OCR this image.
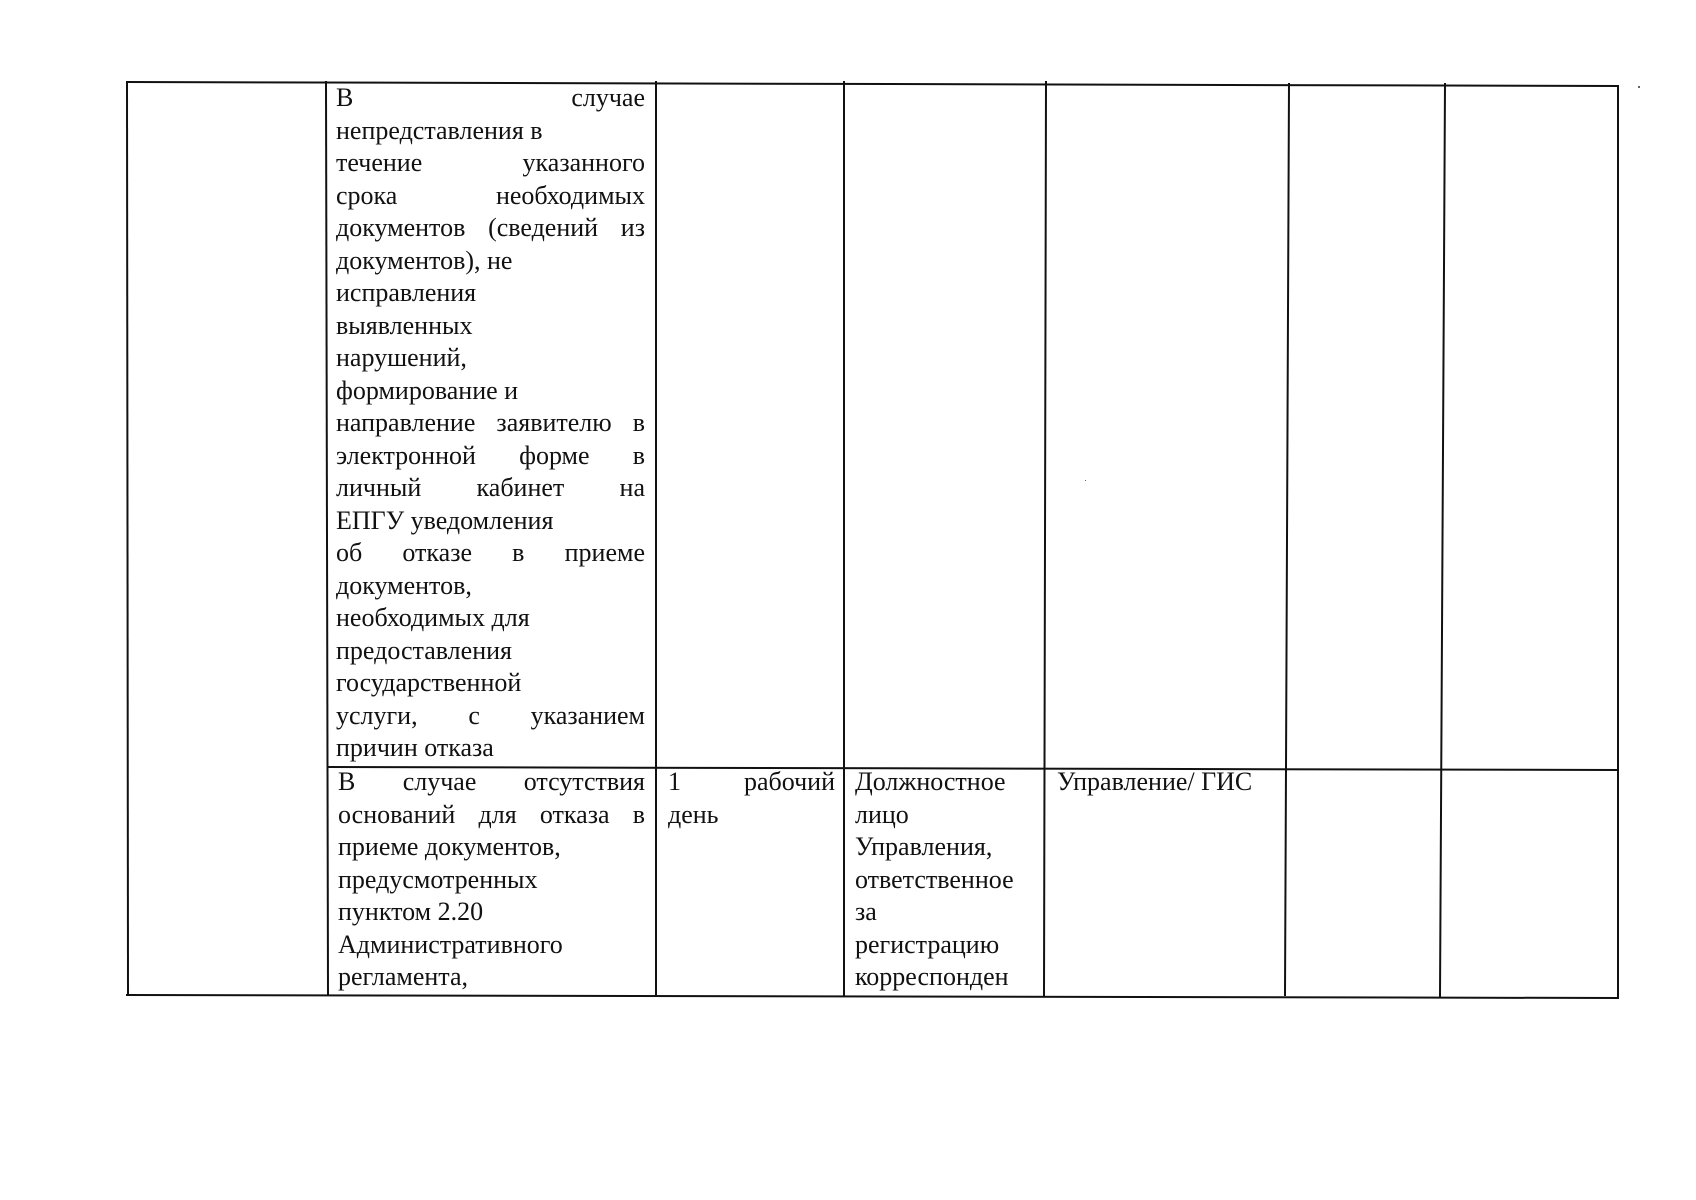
В случае
непредставления в
течение указанного
срока необходимых
документов (сведений из
документов), не
исправления
выявленных
нарушений,
формирование и
направление заявителю в
электронной форме в
личный кабинет на
ЕПГУ уведомления
об отказе в приеме
документов,
необходимых для
предоставления
государственной
услуги, с указанием
причин отказа
В случае отсутствия
оснований для отказа в
приеме документов,
предусмотренных
пунктом 2.20
Административного
регламента,
1 рабочий
день
Должностное
лицо
Управления,
ответственное
за
регистрацию
корреспонден
Управление/ ГИС
